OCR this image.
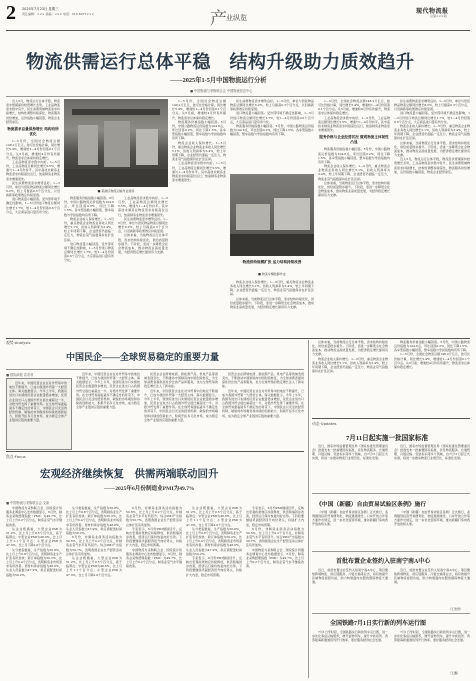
2 2025年7月23日 星期三
责任编辑：××× 美编：××× 电话：010-8977×××	产 业纵览
现代物流报
总第×××期
物流供需运行总体平稳　结构升级助力质效趋升
——2025年1-5月中国物流运行分析
■ 中国物流与采购联合会 中国物流信息中心

近入5月，物流运行总体平稳，物流需求规模保持较低增长态势，工业品物流需求稳中有升，民生消费领域物流需求持续增长，结构性调整持续深化，物流服务供给增加，运价指数小幅回落，物流企业经营承压。

物流需求总量保持增长 结构有所优化

1—5月份，全国社会物流总额148.2万亿元，按可比价格计算，同比增长5.4%，增速较1—4月份回落0.1个百分点。从5月看，增速较4月份有所提升，物流需求总体保持稳定增长。

工业品物流需求稳中向好。1—5月份，工业品物流总额同比增长5.5%，增速与1—4月份持平。其中高技术制造业物流需求持续高位运行，装备制造业物流需求增速领先。

民生消费物流需求增势良好。1—5月份，单位与居民物品物流总额同比增长6.2%，较上月提高0.3个百分点，以旧换新等政策效应持续显现。

进口物流量小幅回落。受外部环境不确定性影响，1—5月份进口物流总额同比增长1.7%，较1—4月份回落0.6个百分点，大宗商品进口量有所分化。

■ 某港区物流运输作业现场

物流服务价格指数小幅回落。5月份，中国公路物流运价指数为104.6点，环比回落0.2%，同比下降1.5%。各车型指数小幅回落，整车指数与零担指数均有所下降。

物流企业收入保持增长。1—5月份，重点物流企业物流业务收入同比增长5.1%，但收入利润率为3.4%，较上年同期下降，企业经营仍面临一定压力，物流业景气指数保持在扩张区间。

进口物流量小幅回落。受外部环境不确定性影响，1—5月份进口物流总额同比增长1.7%，较1—4月份回落0.6个百分点，大宗商品进口量有所分化。

工业品物流需求稳中向好。1—5月份，工业品物流总额同比增长5.5%，增速与1—4月份持平。其中高技术制造业物流需求持续高位运行，装备制造业物流需求增速领先。

民生消费物流需求增势良好。1—5月份，单位与居民物品物流总额同比增长6.2%，较上月提高0.3个百分点，以旧换新等政策效应持续显现。

总体来看，当前物流运行总体平稳，需求结构持续优化，供给质量稳步提升。下阶段，需进一步降低全社会物流成本，推动物流业高质量发展，为经济稳定增长提供有力支撑。

1—5月份，全国社会物流总额148.2万亿元，按可比价格计算，同比增长5.4%，增速较1—4月份回落0.1个百分点。从5月看，增速较4月份有所提升，物流需求总体保持稳定增长。

物流服务价格指数小幅回落。5月份，中国公路物流运价指数为104.6点，环比回落0.2%，同比下降1.5%。各车型指数小幅回落，整车指数与零担指数均有所下降。

物流企业收入保持增长。1—5月份，重点物流企业物流业务收入同比增长5.1%，但收入利润率为3.4%，较上年同期下降，企业经营仍面临一定压力，物流业景气指数保持在扩张区间。

工业品物流需求稳中向好。1—5月份，工业品物流总额同比增长5.5%，增速与1—4月份持平。其中高技术制造业物流需求持续高位运行，装备制造业物流需求增速领先。

物流供给规模扩张 运力结构持续改善
■ 物流车辆装卸作业

民生消费物流需求增势良好。1—5月份，单位与居民物品物流总额同比增长6.2%，较上月提高0.3个百分点，以旧换新等政策效应持续显现。

进口物流量小幅回落。受外部环境不确定性影响，1—5月份进口物流总额同比增长1.7%，较1—4月份回落0.6个百分点，大宗商品进口量有所分化。

物流服务价格指数小幅回落。5月份，中国公路物流运价指数为104.6点，环比回落0.2%，同比下降1.5%。各车型指数小幅回落，整车指数与零担指数均有所下降。

物流企业收入保持增长。1—5月份，重点物流企业物流业务收入同比增长5.1%，但收入利润率为3.4%，较上年同期下降，企业经营仍面临一定压力，物流业景气指数保持在扩张区间。

总体来看，当前物流运行总体平稳，需求结构持续优化，供给质量稳步提升。下阶段，需进一步降低全社会物流成本，推动物流业高质量发展，为经济稳定增长提供有力支撑。

1—5月份，全国社会物流总额148.2万亿元，按可比价格计算，同比增长5.4%，增速较1—4月份回落0.1个百分点。从5月看，增速较4月份有所提升，物流需求总体保持稳定增长。

工业品物流需求稳中向好。1—5月份，工业品物流总额同比增长5.5%，增速与1—4月份持平。其中高技术制造业物流需求持续高位运行，装备制造业物流需求增速领先。

服务价格与企业经营状况 微观物流主体韧性凸显

物流服务价格指数小幅回落。5月份，中国公路物流运价指数为104.6点，环比回落0.2%，同比下降1.5%。各车型指数小幅回落，整车指数与零担指数均有所下降。

物流企业收入保持增长。1—5月份，重点物流企业物流业务收入同比增长5.1%，但收入利润率为3.4%，较上年同期下降，企业经营仍面临一定压力，物流业景气指数保持在扩张区间。

总体来看，当前物流运行总体平稳，需求结构持续优化，供给质量稳步提升。下阶段，需进一步降低全社会物流成本，推动物流业高质量发展，为经济稳定增长提供有力支撑。

民生消费物流需求增势良好。1—5月份，单位与居民物品物流总额同比增长6.2%，较上月提高0.3个百分点，以旧换新等政策效应持续显现。

进口物流量小幅回落。受外部环境不确定性影响，1—5月份进口物流总额同比增长1.7%，较1—4月份回落0.6个百分点，大宗商品进口量有所分化。

物流企业收入保持增长。1—5月份，重点物流企业物流业务收入同比增长5.1%，但收入利润率为3.4%，较上年同期下降，企业经营仍面临一定压力，物流业景气指数保持在扩张区间。

总体来看，当前物流运行总体平稳，需求结构持续优化，供给质量稳步提升。下阶段，需进一步降低全社会物流成本，推动物流业高质量发展，为经济稳定增长提供有力支撑。

近入5月，物流运行总体平稳，物流需求规模保持较低增长态势，工业品物流需求稳中有升，民生消费领域物流需求持续增长，结构性调整持续深化，物流服务供给增加，运价指数小幅回落，物流企业经营承压。

观势·Analysis
中国民企——全球贸易稳定的重要力量
■ 国际商报 袁若菲

近年来，中国民营企业在对外贸易中的地位不断提升，已成为我国外贸第一大经营主体。海关数据显示，今年上半年，我国有进出口实绩的民营企业数量稳步增加，民营企业进出口占我国外贸总值比重超过一半，对稳外贸发挥了重要作用。在全球贸易面临诸多不确定性的背景下，中国民企以灵活的经营机制、敏锐的市场嗅觉和持续的创新能力，积极开拓多元化市场，成为稳定全球产业链供应链的重要力量。

近年来，中国民营企业在对外贸易中的地位不断提升，已成为我国外贸第一大经营主体。海关数据显示，今年上半年，我国有进出口实绩的民营企业数量稳步增加，民营企业进出口占我国外贸总值比重超过一半，对稳外贸发挥了重要作用。在全球贸易面临诸多不确定性的背景下，中国民企以灵活的经营机制、敏锐的市场嗅觉和持续的创新能力，积极开拓多元化市场，成为稳定全球产业链供应链的重要力量。

民营企业在跨境电商、新能源产品、机电产品等领域表现突出，不断推动中国制造向中国创造转变，为全球消费者提供高性价比的产品和服务，也为全球贸易的稳定增长注入了新动能。

近年来，中国民营企业在对外贸易中的地位不断提升，已成为我国外贸第一大经营主体。海关数据显示，今年上半年，我国有进出口实绩的民营企业数量稳步增加，民营企业进出口占我国外贸总值比重超过一半，对稳外贸发挥了重要作用。在全球贸易面临诸多不确定性的背景下，中国民企以灵活的经营机制、敏锐的市场嗅觉和持续的创新能力，积极开拓多元化市场，成为稳定全球产业链供应链的重要力量。

民营企业在跨境电商、新能源产品、机电产品等领域表现突出，不断推动中国制造向中国创造转变，为全球消费者提供高性价比的产品和服务，也为全球贸易的稳定增长注入了新动能。

近年来，中国民营企业在对外贸易中的地位不断提升，已成为我国外贸第一大经营主体。海关数据显示，今年上半年，我国有进出口实绩的民营企业数量稳步增加，民营企业进出口占我国外贸总值比重超过一半，对稳外贸发挥了重要作用。在全球贸易面临诸多不确定性的背景下，中国民企以灵活的经营机制、敏锐的市场嗅觉和持续的创新能力，积极开拓多元化市场，成为稳定全球产业链供应链的重要力量。

焦点·Focus
宏观经济继续恢复　供需两端联动回升
——2025年6月份制造业PMI为49.7%
■ 中国物流与采购联合会 文新

中国物流与采购联合会、国家统计局服务业调查中心发布数据显示，6月份，制造业采购经理指数（PMI）为49.7%，比上月上升0.2个百分点，制造业景气水平继续改善。

从企业规模看，大型企业PMI为51.2%，比上月上升0.5个百分点，高于临界点；中型企业PMI为48.6%，比上月上升1.1个百分点；小型企业PMI为47.3%，比上月下降2.0个百分点。

从分类指数看，生产指数为50.8%，比上月上升0.8个百分点，表明制造业生产扩张有所加快；新订单指数为50.2%，比上月上升0.4个百分点，表明制造业市场需求有所改善。原材料库存指数为48.0%，从业人员指数为47.9%，供应商配送时间指数为50.2%。

从分类指数看，生产指数为50.8%，比上月上升0.8个百分点，表明制造业生产扩张有所加快；新订单指数为50.2%，比上月上升0.4个百分点，表明制造业市场需求有所改善。原材料库存指数为48.0%，从业人员指数为47.9%，供应商配送时间指数为50.2%。

6月份，非制造业商务活动指数为50.5%，比上月上升0.2个百分点，非制造业景气水平有所回升。综合PMI产出指数为50.7%，表明我国企业生产经营活动总体扩张有所加快。

从企业规模看，大型企业PMI为51.2%，比上月上升0.5个百分点，高于临界点；中型企业PMI为48.6%，比上月上升1.1个百分点；小型企业PMI为47.3%，比上月下降2.0个百分点。

6月份，非制造业商务活动指数为50.5%，比上月上升0.2个百分点，非制造业景气水平有所回升。综合PMI产出指数为50.7%，表明我国企业生产经营活动总体扩张有所加快。

专家表示，6月份PMI继续回升，反映出宏观政策效应持续释放，供需两端同步改善，经济运行保持恢复向好态势。下阶段要继续巩固经济回升向好势头，持续扩大内需，稳定市场预期。

中国物流与采购联合会、国家统计局服务业调查中心发布数据显示，6月份，制造业采购经理指数（PMI）为49.7%，比上月上升0.2个百分点，制造业景气水平继续改善。

从企业规模看，大型企业PMI为51.2%，比上月上升0.5个百分点，高于临界点；中型企业PMI为48.6%，比上月上升1.1个百分点；小型企业PMI为47.3%，比上月下降2.0个百分点。

从分类指数看，生产指数为50.8%，比上月上升0.8个百分点，表明制造业生产扩张有所加快；新订单指数为50.2%，比上月上升0.4个百分点，表明制造业市场需求有所改善。原材料库存指数为48.0%，从业人员指数为47.9%，供应商配送时间指数为50.2%。

专家表示，6月份PMI继续回升，反映出宏观政策效应持续释放，供需两端同步改善，经济运行保持恢复向好态势。下阶段要继续巩固经济回升向好势头，持续扩大内需，稳定市场预期。

专家表示，6月份PMI继续回升，反映出宏观政策效应持续释放，供需两端同步改善，经济运行保持恢复向好态势。下阶段要继续巩固经济回升向好势头，持续扩大内需，稳定市场预期。

6月份，非制造业商务活动指数为50.5%，比上月上升0.2个百分点，非制造业景气水平有所回升。综合PMI产出指数为50.7%，表明我国企业生产经营活动总体扩张有所加快。

中国物流与采购联合会、国家统计局服务业调查中心发布数据显示，6月份，制造业采购经理指数（PMI）为49.7%，比上月上升0.2个百分点，制造业景气水平继续改善。

总体来看，当前物流运行总体平稳，需求结构持续优化，供给质量稳步提升。下阶段，需进一步降低全社会物流成本，推动物流业高质量发展，为经济稳定增长提供有力支撑。

物流企业收入保持增长。1—5月份，重点物流企业物流业务收入同比增长5.1%，但收入利润率为3.4%，较上年同期下降，企业经营仍面临一定压力，物流业景气指数保持在扩张区间。

物流服务价格指数小幅回落。5月份，中国公路物流运价指数为104.6点，环比回落0.2%，同比下降1.5%。各车型指数小幅回落，整车指数与零担指数均有所下降。

1—5月份，全国社会物流总额148.2万亿元，按可比价格计算，同比增长5.4%，增速较1—4月份回落0.1个百分点。从5月看，增速较4月份有所提升，物流需求总体保持稳定增长。

动态·Updates
7月11日起实施一批国家标准

近日，国家市场监督管理总局（国家标准化管理委员会）批准发布一批重要国家标准，涉及物流服务、仓储管理、冷链运输、包装标识等多个领域，自7月11日起正式实施，将进一步推动物流行业规范化、标准化发展。

近日，国家市场监督管理总局（国家标准化管理委员会）批准发布一批重要国家标准，涉及物流服务、仓储管理、冷链运输、包装标识等多个领域，自7月11日起正式实施，将进一步推动物流行业规范化、标准化发展。

《中国（新疆）自由贸易试验区条例》施行

《中国（新疆）自由贸易试验区条例》正式施行，条例围绕投资贸易便利化、物流通道建设、口岸开放合作等方面作出规定，进一步优化营商环境，推动新疆打造向西开放的桥头堡。

《中国（新疆）自由贸易试验区条例》正式施行，条例围绕投资贸易便利化、物流通道建设、口岸开放合作等方面作出规定，进一步优化营商环境，推动新疆打造向西开放的桥头堡。

首批布置企业签约入驻南宁南A中心

近日，首批布置企业签约入驻南宁南A中心，项目聚焦跨境物流、供应链服务、冷链仓储等业态，将有效提升区域物流枢纽功能，助力构建面向东盟的国际物流大通道。

近日，首批布置企业签约入驻南宁南A中心，项目聚焦跨境物流、供应链服务、冷链仓储等业态，将有效提升区域物流枢纽功能，助力构建面向东盟的国际物流大通道。

全国铁路7月1日实行新的列车运行图

7月1日零时起，全国铁路实行新的列车运行图，进一步优化客货运输组织，增开货物列车，提升中欧班列、西部陆海新通道班列开行效率，更好服务经济社会发展。

7月1日零时起，全国铁路实行新的列车运行图，进一步优化客货运输组织，增开货物列车，提升中欧班列、西部陆海新通道班列开行效率，更好服务经济社会发展。

（王鑫）
（王浩然）
